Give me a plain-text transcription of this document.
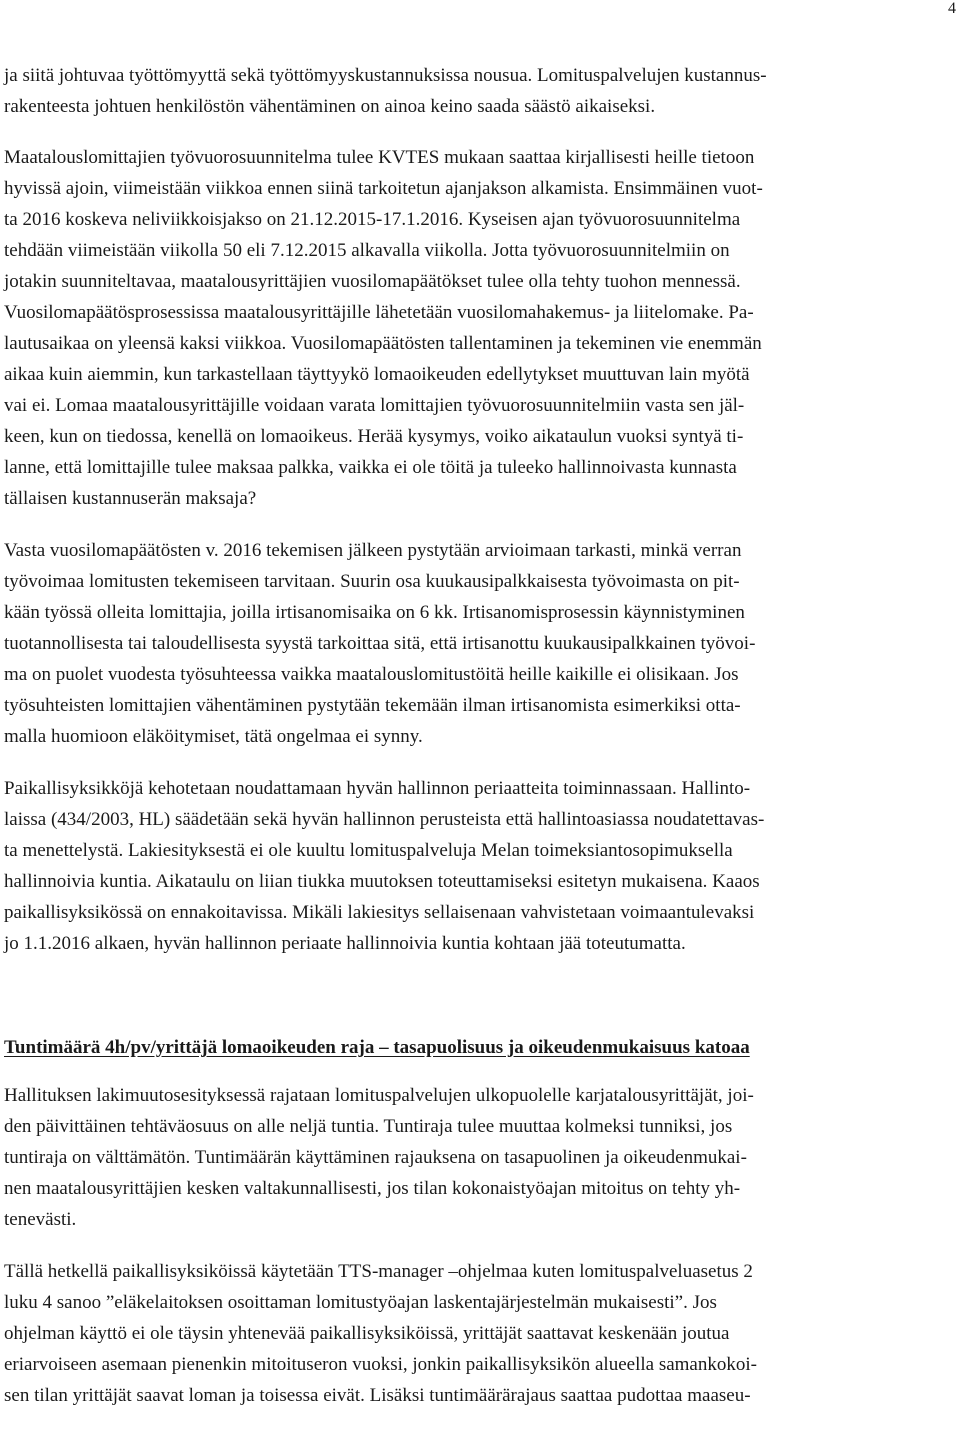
4
ja siitä johtuvaa työttömyyttä sekä työttömyyskustannuksissa nousua. Lomituspalvelujen kustannus-
rakenteesta johtuen henkilöstön vähentäminen on ainoa keino saada säästö aikaiseksi.
Maatalouslomittajien työvuorosuunnitelma tulee KVTES mukaan saattaa kirjallisesti heille tietoon
hyvissä ajoin, viimeistään viikkoa ennen siinä tarkoitetun ajanjakson alkamista. Ensimmäinen vuot-
ta 2016 koskeva neliviikkoisjakso on 21.12.2015-17.1.2016. Kyseisen ajan työvuorosuunnitelma
tehdään viimeistään viikolla 50 eli 7.12.2015 alkavalla viikolla. Jotta työvuorosuunnitelmiin on
jotakin suunniteltavaa, maatalousyrittäjien vuosilomapäätökset tulee olla tehty tuohon mennessä.
Vuosilomapäätösprosessissa maatalousyrittäjille lähetetään vuosilomahakemus- ja liitelomake. Pa-
lautusaikaa on yleensä kaksi viikkoa. Vuosilomapäätösten tallentaminen ja tekeminen vie enemmän
aikaa kuin aiemmin, kun tarkastellaan täyttyykö lomaoikeuden edellytykset muuttuvan lain myötä
vai ei. Lomaa maatalousyrittäjille voidaan varata lomittajien työvuorosuunnitelmiin vasta sen jäl-
keen, kun on tiedossa, kenellä on lomaoikeus. Herää kysymys, voiko aikataulun vuoksi syntyä ti-
lanne, että lomittajille tulee maksaa palkka, vaikka ei ole töitä ja tuleeko hallinnoivasta kunnasta
tällaisen kustannuserän maksaja?
Vasta vuosilomapäätösten v. 2016 tekemisen jälkeen pystytään arvioimaan tarkasti, minkä verran
työvoimaa lomitusten tekemiseen tarvitaan. Suurin osa kuukausipalkkaisesta työvoimasta on pit-
kään työssä olleita lomittajia, joilla irtisanomisaika on 6 kk. Irtisanomisprosessin käynnistyminen
tuotannollisesta tai taloudellisesta syystä tarkoittaa sitä, että irtisanottu kuukausipalkkainen työvoi-
ma on puolet vuodesta työsuhteessa vaikka maatalouslomitustöitä heille kaikille ei olisikaan. Jos
työsuhteisten lomittajien vähentäminen pystytään tekemään ilman irtisanomista esimerkiksi otta-
malla huomioon eläköitymiset, tätä ongelmaa ei synny.
Paikallisyksikköjä kehotetaan noudattamaan hyvän hallinnon periaatteita toiminnassaan. Hallinto-
laissa (434/2003, HL) säädetään sekä hyvän hallinnon perusteista että hallintoasiassa noudatettavas-
ta menettelystä. Lakiesityksestä ei ole kuultu lomituspalveluja Melan toimeksiantosopimuksella
hallinnoivia kuntia. Aikataulu on liian tiukka muutoksen toteuttamiseksi esitetyn mukaisena. Kaaos
paikallisyksikössä on ennakoitavissa. Mikäli lakiesitys sellaisenaan vahvistetaan voimaantulevaksi
jo 1.1.2016 alkaen, hyvän hallinnon periaate hallinnoivia kuntia kohtaan jää toteutumatta.
Tuntimäärä 4h/pv/yrittäjä lomaoikeuden raja – tasapuolisuus ja oikeudenmukaisuus katoaa
Hallituksen lakimuutosesityksessä rajataan lomituspalvelujen ulkopuolelle karjatalousyrittäjät, joi-
den päivittäinen tehtäväosuus on alle neljä tuntia. Tuntiraja tulee muuttaa kolmeksi tunniksi, jos
tuntiraja on välttämätön. Tuntimäärän käyttäminen rajauksena on tasapuolinen ja oikeudenmukai-
nen maatalousyrittäjien kesken valtakunnallisesti, jos tilan kokonaistyöajan mitoitus on tehty yh-
tenevästi.
Tällä hetkellä paikallisyksiköissä käytetään TTS-manager –ohjelmaa kuten lomituspalveluasetus 2
luku 4 sanoo ”eläkelaitoksen osoittaman lomitustyöajan laskentajärjestelmän mukaisesti”. Jos
ohjelman käyttö ei ole täysin yhtenevää paikallisyksiköissä, yrittäjät saattavat keskenään joutua
eriarvoiseen asemaan pienenkin mitoituseron vuoksi, jonkin paikallisyksikön alueella samankokoi-
sen tilan yrittäjät saavat loman ja toisessa eivät. Lisäksi tuntimäärärajaus saattaa pudottaa maaseu-
